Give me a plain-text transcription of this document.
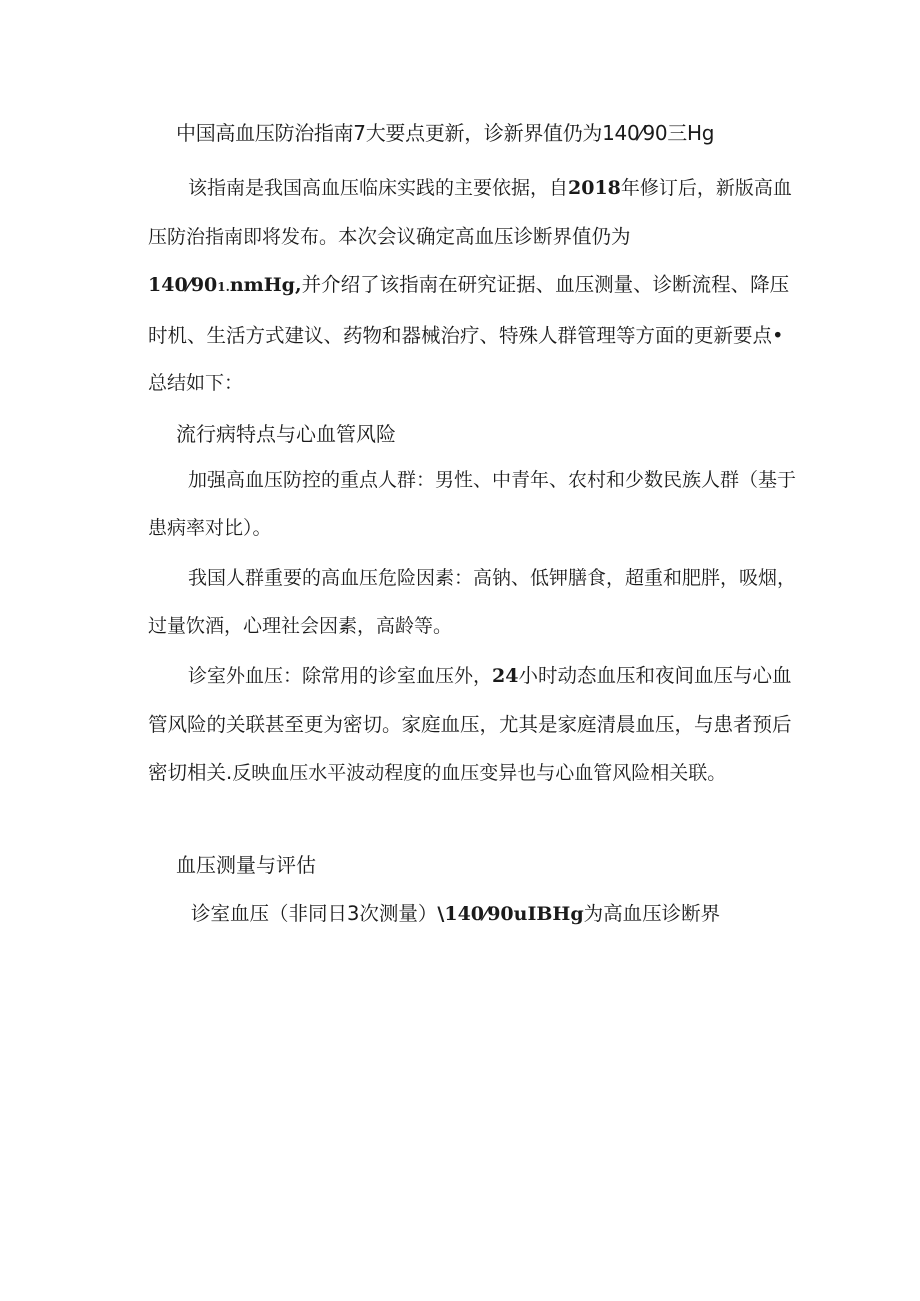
中国高血压防治指南7大要点更新，诊新界值仍为140⁄90三Hg

该指南是我国高血压临床实践的主要依据，自2018年修订后，新版高血压防治指南即将发布。本次会议确定高血压诊断界值仍为
140⁄901.nmHg,并介绍了该指南在研究证据、血压测量、诊断流程、降压时机、生活方式建议、药物和器械治疗、特殊人群管理等方面的更新要点•总结如下：

流行病特点与心血管风险

加强高血压防控的重点人群：男性、中青年、农村和少数民族人群（基于患病率对比）。

我国人群重要的高血压危险因素：高钠、低钾膳食，超重和肥胖，吸烟，过量饮酒，心理社会因素，高龄等。

诊室外血压：除常用的诊室血压外，24小时动态血压和夜间血压与心血管风险的关联甚至更为密切。家庭血压，尤其是家庭清晨血压，与患者预后密切相关.反映血压水平波动程度的血压变异也与心血管风险相关联。

血压测量与评估
诊室血压（非同日3次测量）\140⁄90uIBHg为高血压诊断界
